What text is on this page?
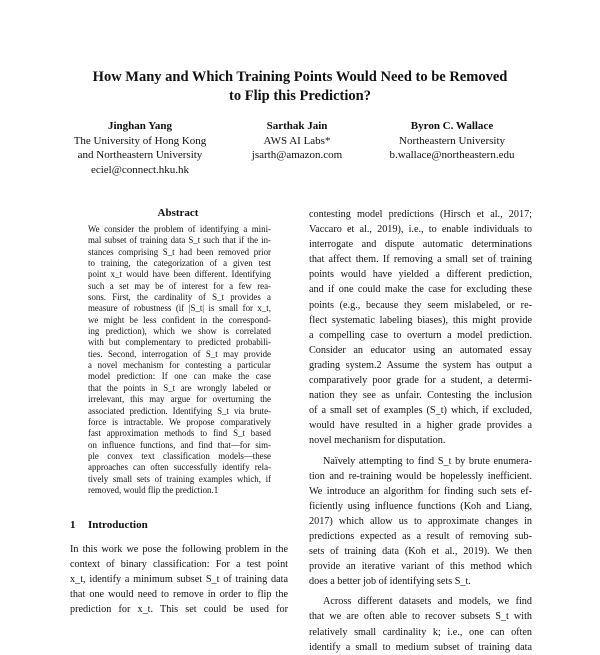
How Many and Which Training Points Would Need to be Removed
to Flip this Prediction?
Jinghan Yang
The University of Hong Kong
and Northeastern University
eciel@connect.hku.hk
Sarthak Jain
AWS AI Labs*
jsarth@amazon.com
Byron C. Wallace
Northeastern University
b.wallace@northeastern.edu
Abstract
We consider the problem of identifying a mini-
mal subset of training data S_t such that if the in-
stances comprising S_t had been removed prior
to training, the categorization of a given test
point x_t would have been different. Identifying
such a set may be of interest for a few rea-
sons. First, the cardinality of S_t provides a
measure of robustness (if |S_t| is small for x_t,
we might be less confident in the correspond-
ing prediction), which we show is correlated
with but complementary to predicted probabili-
ties. Second, interrogation of S_t may provide
a novel mechanism for contesting a particular
model prediction: If one can make the case
that the points in S_t are wrongly labeled or
irrelevant, this may argue for overturning the
associated prediction. Identifying S_t via brute-
force is intractable. We propose comparatively
fast approximation methods to find S_t based
on influence functions, and find that—for sim-
ple convex text classification models—these
approaches can often successfully identify rela-
tively small sets of training examples which, if
removed, would flip the prediction.1
1 Introduction
In this work we pose the following problem in the
context of binary classification: For a test point
x_t, identify a minimum subset S_t of training data
that one would need to remove in order to flip the
prediction for x_t. This set could be used for
contesting model predictions (Hirsch et al., 2017;
Vaccaro et al., 2019), i.e., to enable individuals to
interrogate and dispute automatic determinations
that affect them. If removing a small set of training
points would have yielded a different prediction,
and if one could make the case for excluding these
points (e.g., because they seem mislabeled, or re-
flect systematic labeling biases), this might provide
a compelling case to overturn a model prediction.
Consider an educator using an automated essay
grading system.2 Assume the system has output a
comparatively poor grade for a student, a determi-
nation they see as unfair. Contesting the inclusion
of a small set of examples (S_t) which, if excluded,
would have resulted in a higher grade provides a
novel mechanism for disputation.
Naïvely attempting to find S_t by brute enumera-
tion and re-training would be hopelessly inefficient.
We introduce an algorithm for finding such sets ef-
ficiently using influence functions (Koh and Liang,
2017) which allow us to approximate changes in
predictions expected as a result of removing sub-
sets of training data (Koh et al., 2019). We then
provide an iterative variant of this method which
does a better job of identifying sets S_t.
Across different datasets and models, we find
that we are often able to recover subsets S_t with
relatively small cardinality k; i.e., one can often
identify a small to medium subset of training data
